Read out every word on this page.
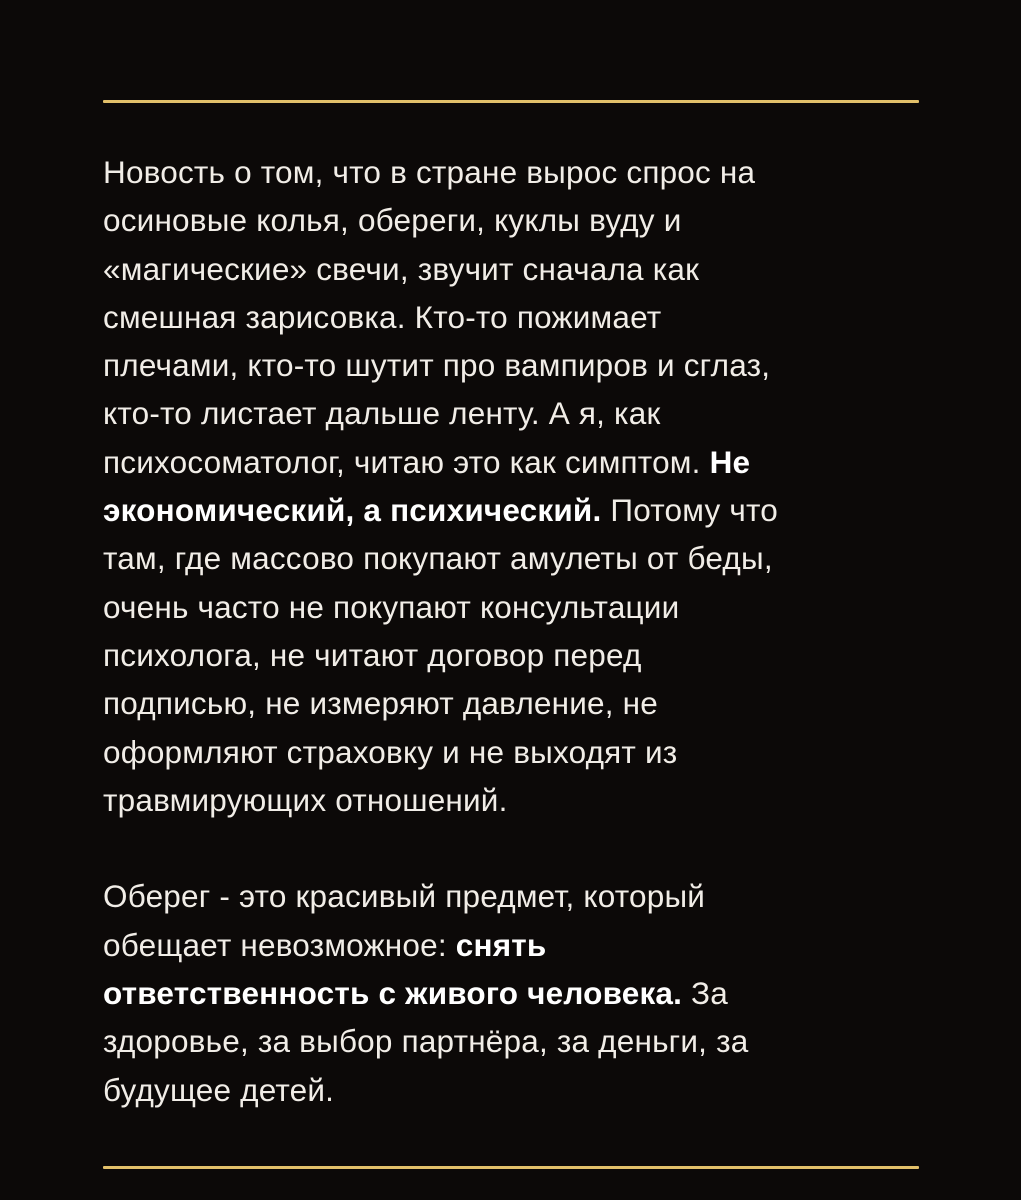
Новость о том, что в стране вырос спрос на
осиновые колья, обереги, куклы вуду и
«магические» свечи, звучит сначала как
смешная зарисовка. Кто-то пожимает
плечами, кто-то шутит про вампиров и сглаз,
кто-то листает дальше ленту. А я, как
психосоматолог, читаю это как симптом. Не
экономический, а психический. Потому что
там, где массово покупают амулеты от беды,
очень часто не покупают консультации
психолога, не читают договор перед
подписью, не измеряют давление, не
оформляют страховку и не выходят из
травмирующих отношений.

Оберег - это красивый предмет, который
обещает невозможное: снять
ответственность с живого человека. За
здоровье, за выбор партнёра, за деньги, за
будущее детей.
